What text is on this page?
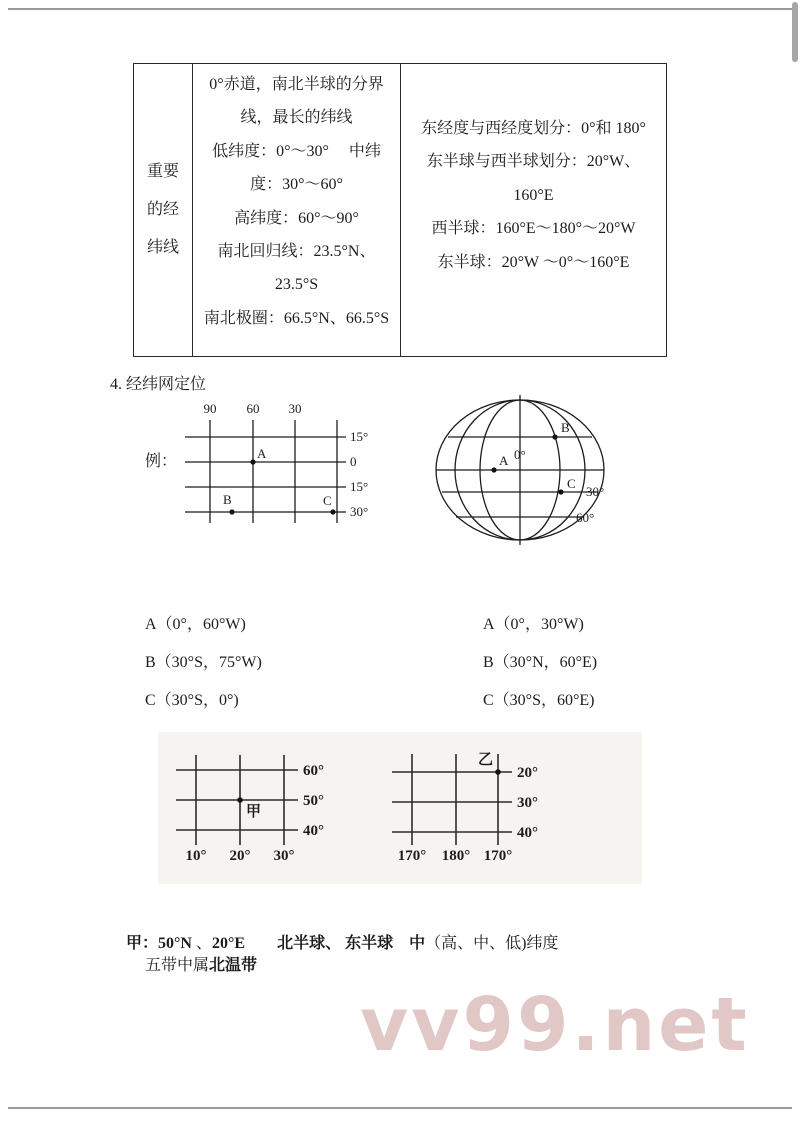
重要
的经
纬线
0°赤道，南北半球的分界
线，最长的纬线
低纬度：0°～30°　 中纬
度：30°～60°
高纬度：60°～90°
南北回归线：23.5°N、
23.5°S
南北极圈：66.5°N、66.5°S
东经度与西经度划分：0°和 180°
东半球与西半球划分：20°W、
160°E
西半球：160°E～180°～20°W
东半球：20°W ～0°～160°E
4. 经纬网定位
例：
90 60 30
15°
0
15°
30°
A
B	C
A 0°
B
C
30°
60°
A（0°，60°W)
B（30°S，75°W)
C（30°S，0°)
A（0°，30°W)
B（30°N，60°E)
C（30°S，60°E)
60°
50°
40°
10° 20° 30°
甲
20°
30°
40°
170° 180° 170°
乙

甲：50°N 、20°E　　北半球、 东半球　中（高、中、低)纬度

五带中属北温带
vv99.net
